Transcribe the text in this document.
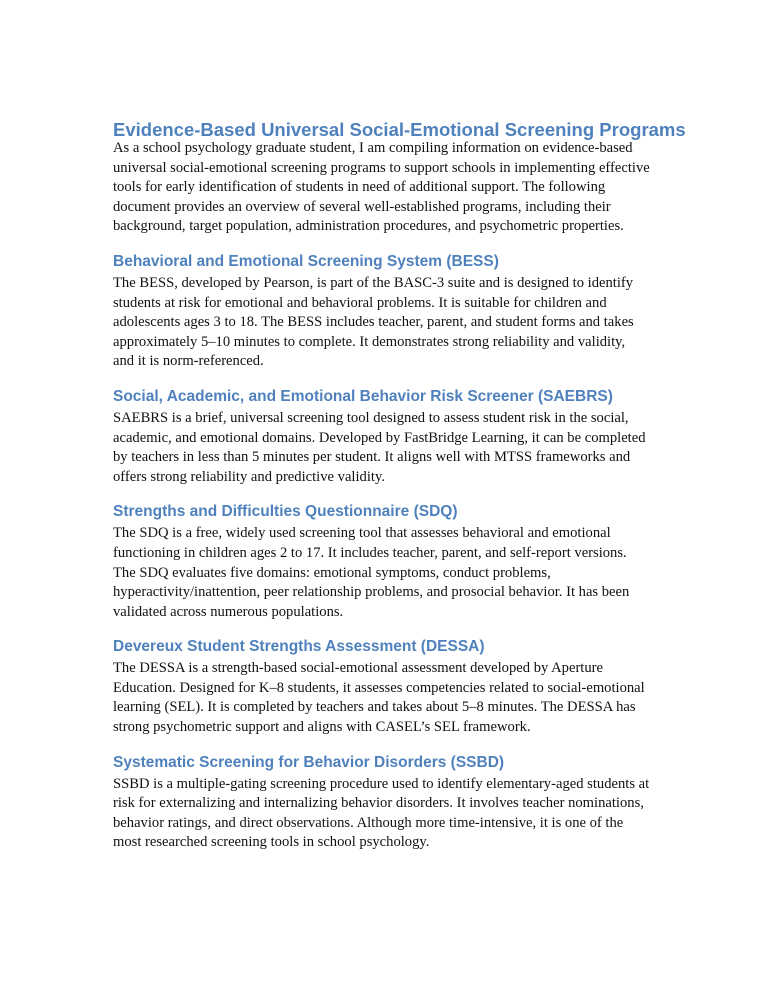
Evidence-Based Universal Social-Emotional Screening Programs

As a school psychology graduate student, I am compiling information on evidence-based
universal social-emotional screening programs to support schools in implementing effective
tools for early identification of students in need of additional support. The following
document provides an overview of several well-established programs, including their
background, target population, administration procedures, and psychometric properties.

Behavioral and Emotional Screening System (BESS)

The BESS, developed by Pearson, is part of the BASC-3 suite and is designed to identify
students at risk for emotional and behavioral problems. It is suitable for children and
adolescents ages 3 to 18. The BESS includes teacher, parent, and student forms and takes
approximately 5–10 minutes to complete. It demonstrates strong reliability and validity,
and it is norm-referenced.

Social, Academic, and Emotional Behavior Risk Screener (SAEBRS)

SAEBRS is a brief, universal screening tool designed to assess student risk in the social,
academic, and emotional domains. Developed by FastBridge Learning, it can be completed
by teachers in less than 5 minutes per student. It aligns well with MTSS frameworks and
offers strong reliability and predictive validity.

Strengths and Difficulties Questionnaire (SDQ)

The SDQ is a free, widely used screening tool that assesses behavioral and emotional
functioning in children ages 2 to 17. It includes teacher, parent, and self-report versions.
The SDQ evaluates five domains: emotional symptoms, conduct problems,
hyperactivity/inattention, peer relationship problems, and prosocial behavior. It has been
validated across numerous populations.

Devereux Student Strengths Assessment (DESSA)

The DESSA is a strength-based social-emotional assessment developed by Aperture
Education. Designed for K–8 students, it assesses competencies related to social-emotional
learning (SEL). It is completed by teachers and takes about 5–8 minutes. The DESSA has
strong psychometric support and aligns with CASEL’s SEL framework.

Systematic Screening for Behavior Disorders (SSBD)

SSBD is a multiple-gating screening procedure used to identify elementary-aged students at
risk for externalizing and internalizing behavior disorders. It involves teacher nominations,
behavior ratings, and direct observations. Although more time-intensive, it is one of the
most researched screening tools in school psychology.
